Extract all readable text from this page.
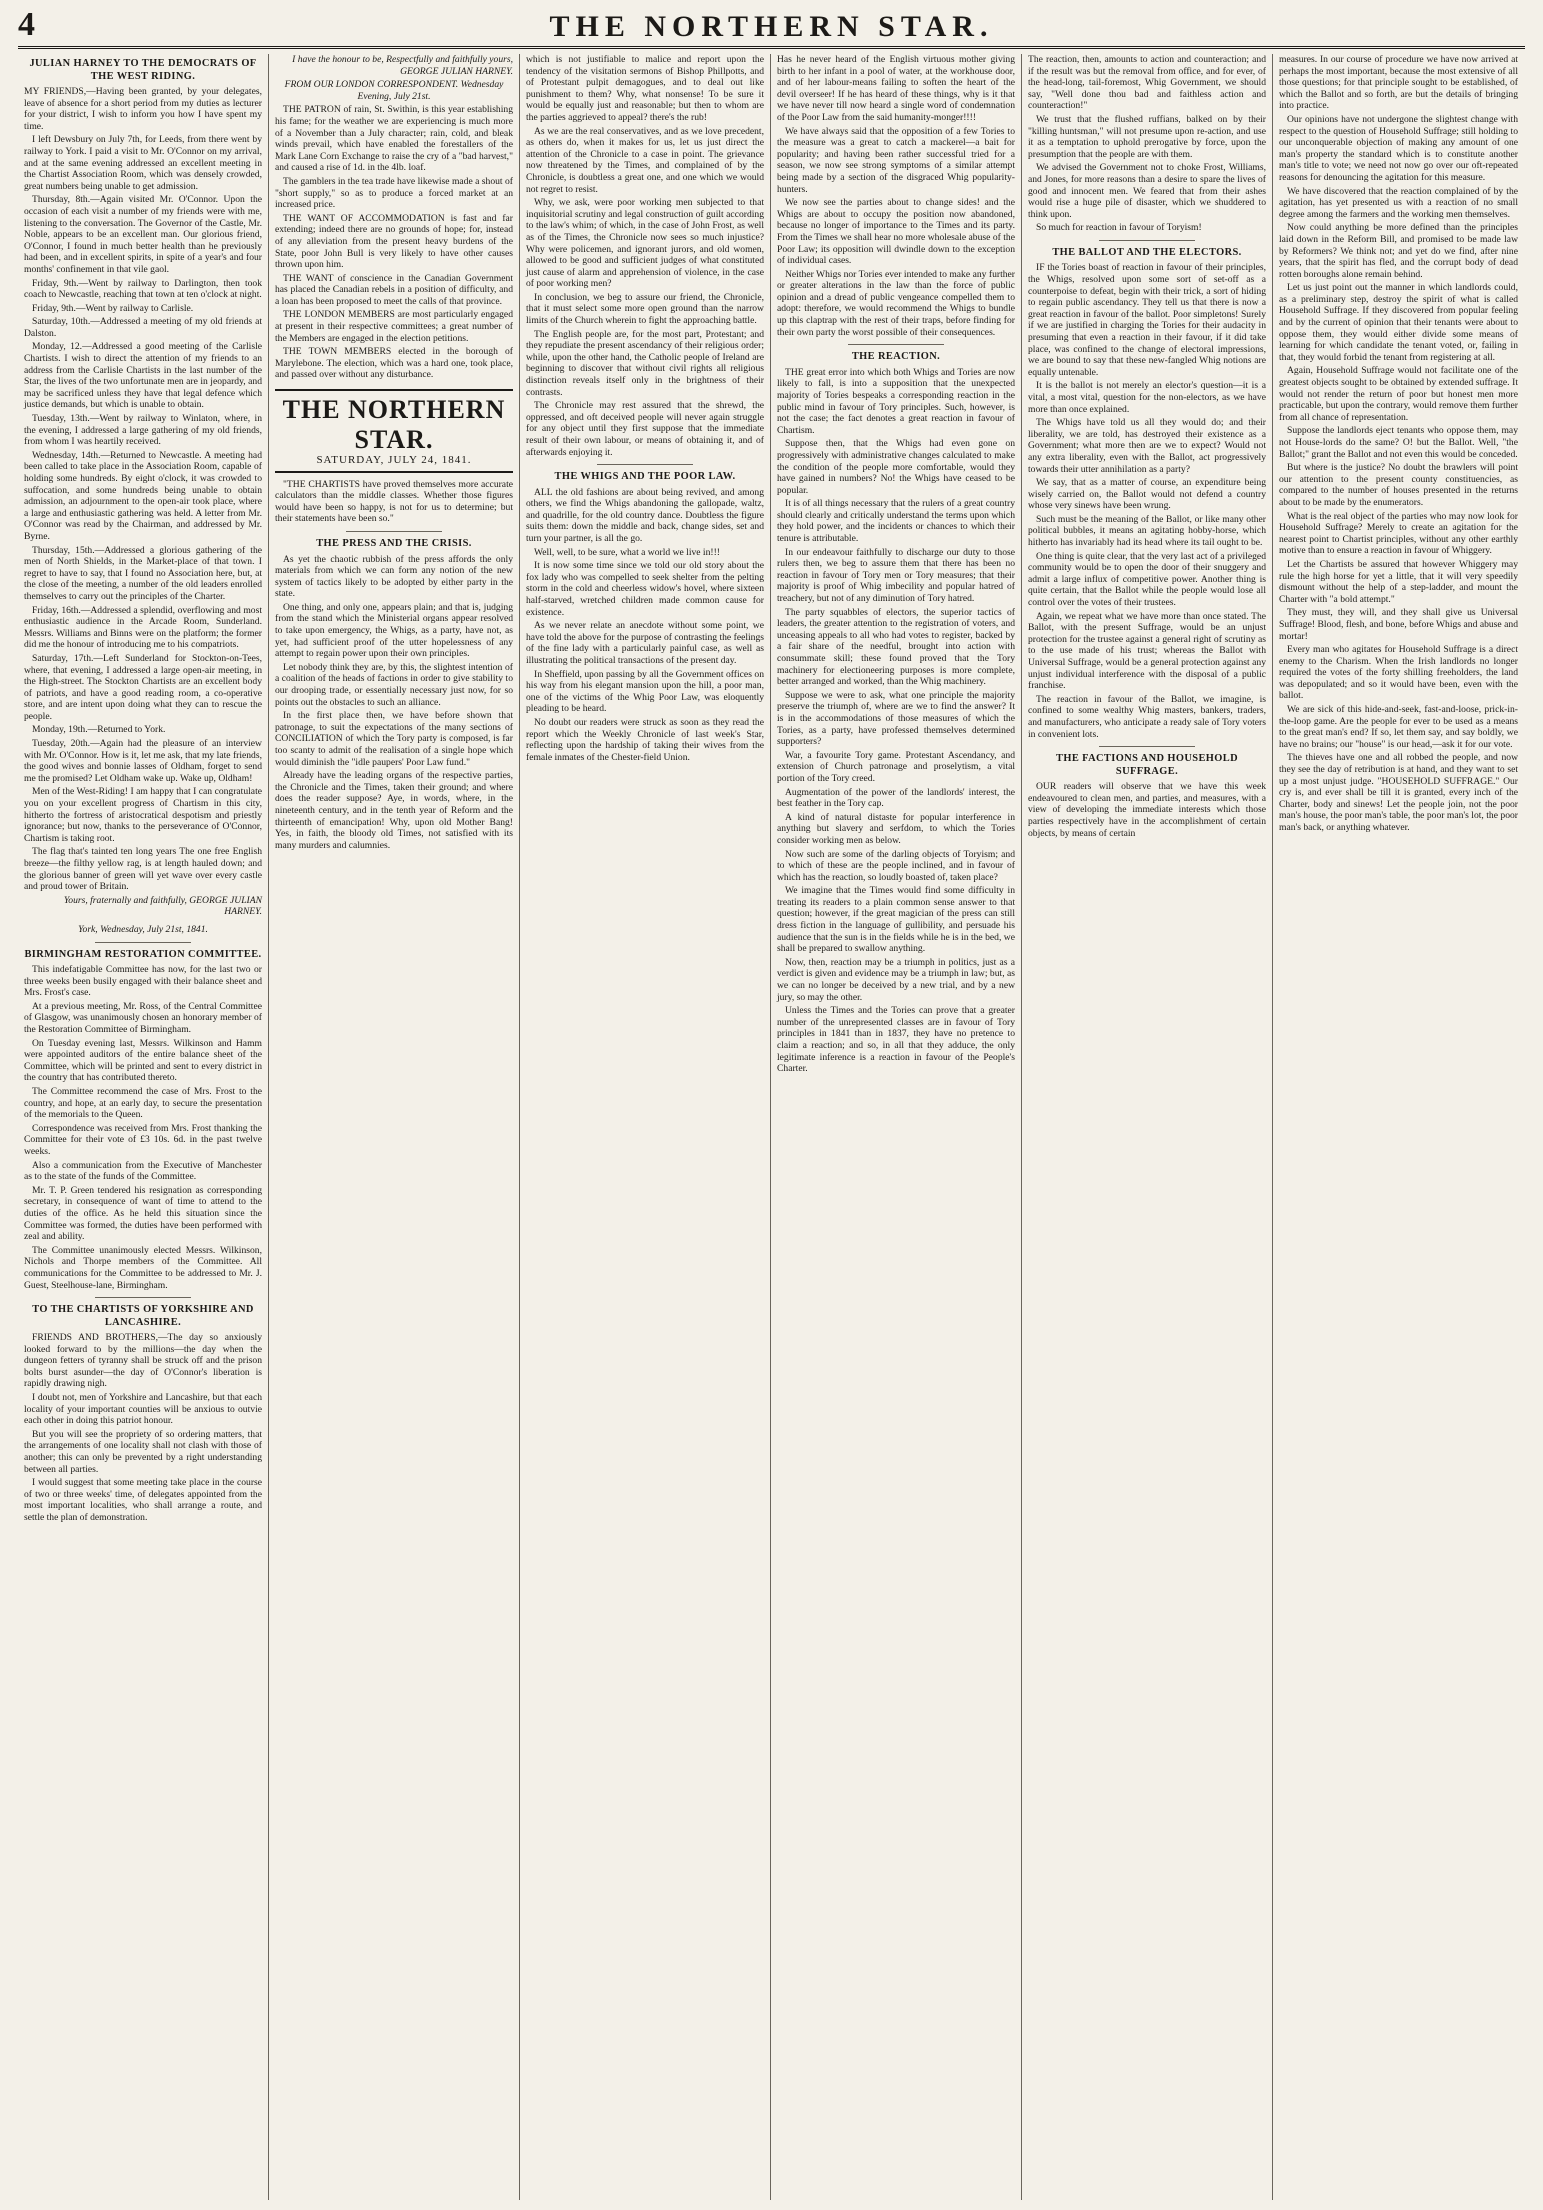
4	THE NORTHERN STAR.
JULIAN HARNEY TO THE DEMOCRATS OF THE WEST RIDING.

MY FRIENDS,—Having been granted, by your delegates, leave of absence for a short period from my duties as lecturer for your district, I wish to inform you how I have spent my time.

I left Dewsbury on July 7th, for Leeds, from there went by railway to York. I paid a visit to Mr. O'Connor on my arrival, and at the same evening addressed an excellent meeting in the Chartist Association Room, which was densely crowded, great numbers being unable to get admission.

Thursday, 8th.—Again visited Mr. O'Connor. Upon the occasion of each visit a number of my friends were with me, listening to the conversation. The Governor of the Castle, Mr. Noble, appears to be an excellent man. Our glorious friend, O'Connor, I found in much better health than he previously had been, and in excellent spirits, in spite of a year's and four months' confinement in that vile gaol.

Friday, 9th.—Went by railway to Darlington, then took coach to Newcastle, reaching that town at ten o'clock at night.

Friday, 9th.—Went by railway to Carlisle.

Saturday, 10th.—Addressed a meeting of my old friends at Dalston.

Monday, 12.—Addressed a good meeting of the Carlisle Chartists. I wish to direct the attention of my friends to an address from the Carlisle Chartists in the last number of the Star, the lives of the two unfortunate men are in jeopardy, and may be sacrificed unless they have that legal defence which justice demands, but which is unable to obtain.

Tuesday, 13th.—Went by railway to Winlaton, where, in the evening, I addressed a large gathering of my old friends, from whom I was heartily received.

Wednesday, 14th.—Returned to Newcastle. A meeting had been called to take place in the Association Room, capable of holding some hundreds. By eight o'clock, it was crowded to suffocation, and some hundreds being unable to obtain admission, an adjournment to the open-air took place, where a large and enthusiastic gathering was held. A letter from Mr. O'Connor was read by the Chairman, and addressed by Mr. Byrne.

Thursday, 15th.—Addressed a glorious gathering of the men of North Shields, in the Market-place of that town. I regret to have to say, that I found no Association here, but, at the close of the meeting, a number of the old leaders enrolled themselves to carry out the principles of the Charter.

Friday, 16th.—Addressed a splendid, overflowing and most enthusiastic audience in the Arcade Room, Sunderland. Messrs. Williams and Binns were on the platform; the former did me the honour of introducing me to his compatriots.

Saturday, 17th.—Left Sunderland for Stockton-on-Tees, where, that evening, I addressed a large open-air meeting, in the High-street. The Stockton Chartists are an excellent body of patriots, and have a good reading room, a co-operative store, and are intent upon doing what they can to rescue the people.

Monday, 19th.—Returned to York.

Tuesday, 20th.—Again had the pleasure of an interview with Mr. O'Connor. How is it, let me ask, that my late friends, the good wives and bonnie lasses of Oldham, forget to send me the promised? Let Oldham wake up. Wake up, Oldham!

Men of the West-Riding! I am happy that I can congratulate you on your excellent progress of Chartism in this city, hitherto the fortress of aristocratical despotism and priestly ignorance; but now, thanks to the perseverance of O'Connor, Chartism is taking root.

The flag that's tainted ten long years The one free English breeze—the filthy yellow rag, is at length hauled down; and the glorious banner of green will yet wave over every castle and proud tower of Britain.

Yours, fraternally and faithfully, GEORGE JULIAN HARNEY.
York, Wednesday, July 21st, 1841.
BIRMINGHAM RESTORATION COMMITTEE.

This indefatigable Committee has now, for the last two or three weeks been busily engaged with their balance sheet and Mrs. Frost's case.

At a previous meeting, Mr. Ross, of the Central Committee of Glasgow, was unanimously chosen an honorary member of the Restoration Committee of Birmingham.

On Tuesday evening last, Messrs. Wilkinson and Hamm were appointed auditors of the entire balance sheet of the Committee, which will be printed and sent to every district in the country that has contributed thereto.

The Committee recommend the case of Mrs. Frost to the country, and hope, at an early day, to secure the presentation of the memorials to the Queen.

Correspondence was received from Mrs. Frost thanking the Committee for their vote of £3 10s. 6d. in the past twelve weeks.

Also a communication from the Executive of Manchester as to the state of the funds of the Committee.

Mr. T. P. Green tendered his resignation as corresponding secretary, in consequence of want of time to attend to the duties of the office. As he held this situation since the Committee was formed, the duties have been performed with zeal and ability.

The Committee unanimously elected Messrs. Wilkinson, Nichols and Thorpe members of the Committee. All communications for the Committee to be addressed to Mr. J. Guest, Steelhouse-lane, Birmingham.

TO THE CHARTISTS OF YORKSHIRE AND LANCASHIRE.

FRIENDS AND BROTHERS,—The day so anxiously looked forward to by the millions—the day when the dungeon fetters of tyranny shall be struck off and the prison bolts burst asunder—the day of O'Connor's liberation is rapidly drawing nigh.

I doubt not, men of Yorkshire and Lancashire, but that each locality of your important counties will be anxious to outvie each other in doing this patriot honour.

But you will see the propriety of so ordering matters, that the arrangements of one locality shall not clash with those of another; this can only be prevented by a right understanding between all parties.

I would suggest that some meeting take place in the course of two or three weeks' time, of delegates appointed from the most important localities, who shall arrange a route, and settle the plan of demonstration.

I have the honour to be, Respectfully and faithfully yours, GEORGE JULIAN HARNEY.

FROM OUR LONDON CORRESPONDENT. Wednesday Evening, July 21st.

THE PATRON of rain, St. Swithin, is this year establishing his fame; for the weather we are experiencing is much more of a November than a July character; rain, cold, and bleak winds prevail, which have enabled the forestallers of the Mark Lane Corn Exchange to raise the cry of a "bad harvest," and caused a rise of 1d. in the 4lb. loaf.

The gamblers in the tea trade have likewise made a shout of "short supply," so as to produce a forced market at an increased price.

THE WANT OF ACCOMMODATION is fast and far extending; indeed there are no grounds of hope; for, instead of any alleviation from the present heavy burdens of the State, poor John Bull is very likely to have other causes thrown upon him.

THE WANT of conscience in the Canadian Government has placed the Canadian rebels in a position of difficulty, and a loan has been proposed to meet the calls of that province.

THE LONDON MEMBERS are most particularly engaged at present in their respective committees; a great number of the Members are engaged in the election petitions.

THE TOWN MEMBERS elected in the borough of Marylebone. The election, which was a hard one, took place, and passed over without any disturbance.

THE NORTHERN STAR.
SATURDAY, JULY 24, 1841.

"THE CHARTISTS have proved themselves more accurate calculators than the middle classes. Whether those figures would have been so happy, is not for us to determine; but their statements have been so."

THE PRESS AND THE CRISIS.

As yet the chaotic rubbish of the press affords the only materials from which we can form any notion of the new system of tactics likely to be adopted by either party in the state.

One thing, and only one, appears plain; and that is, judging from the stand which the Ministerial organs appear resolved to take upon emergency, the Whigs, as a party, have not, as yet, had sufficient proof of the utter hopelessness of any attempt to regain power upon their own principles.

Let nobody think they are, by this, the slightest intention of a coalition of the heads of factions in order to give stability to our drooping trade, or essentially necessary just now, for so points out the obstacles to such an alliance.

In the first place then, we have before shown that patronage, to suit the expectations of the many sections of CONCILIATION of which the Tory party is composed, is far too scanty to admit of the realisation of a single hope which would diminish the "idle paupers' Poor Law fund."

Already have the leading organs of the respective parties, the Chronicle and the Times, taken their ground; and where does the reader suppose? Aye, in words, where, in the nineteenth century, and in the tenth year of Reform and the thirteenth of emancipation! Why, upon old Mother Bang! Yes, in faith, the bloody old Times, not satisfied with its many murders and calumnies.

which is not justifiable to malice and report upon the tendency of the visitation sermons of Bishop Phillpotts, and of Protestant pulpit demagogues, and to deal out like punishment to them? Why, what nonsense! To be sure it would be equally just and reasonable; but then to whom are the parties aggrieved to appeal? there's the rub!

As we are the real conservatives, and as we love precedent, as others do, when it makes for us, let us just direct the attention of the Chronicle to a case in point. The grievance now threatened by the Times, and complained of by the Chronicle, is doubtless a great one, and one which we would not regret to resist.

Why, we ask, were poor working men subjected to that inquisitorial scrutiny and legal construction of guilt according to the law's whim; of which, in the case of John Frost, as well as of the Times, the Chronicle now sees so much injustice? Why were policemen, and ignorant jurors, and old women, allowed to be good and sufficient judges of what constituted just cause of alarm and apprehension of violence, in the case of poor working men?

In conclusion, we beg to assure our friend, the Chronicle, that it must select some more open ground than the narrow limits of the Church wherein to fight the approaching battle.

The English people are, for the most part, Protestant; and they repudiate the present ascendancy of their religious order; while, upon the other hand, the Catholic people of Ireland are beginning to discover that without civil rights all religious distinction reveals itself only in the brightness of their contrasts.

The Chronicle may rest assured that the shrewd, the oppressed, and oft deceived people will never again struggle for any object until they first suppose that the immediate result of their own labour, or means of obtaining it, and of afterwards enjoying it.

THE WHIGS AND THE POOR LAW.

ALL the old fashions are about being revived, and among others, we find the Whigs abandoning the gallopade, waltz, and quadrille, for the old country dance. Doubtless the figure suits them: down the middle and back, change sides, set and turn your partner, is all the go.

Well, well, to be sure, what a world we live in!!!

It is now some time since we told our old story about the fox lady who was compelled to seek shelter from the pelting storm in the cold and cheerless widow's hovel, where sixteen half-starved, wretched children made common cause for existence.

As we never relate an anecdote without some point, we have told the above for the purpose of contrasting the feelings of the fine lady with a particularly painful case, as well as illustrating the political transactions of the present day.

In Sheffield, upon passing by all the Government offices on his way from his elegant mansion upon the hill, a poor man, one of the victims of the Whig Poor Law, was eloquently pleading to be heard.

No doubt our readers were struck as soon as they read the report which the Weekly Chronicle of last week's Star, reflecting upon the hardship of taking their wives from the female inmates of the Chester-field Union.

Has he never heard of the English virtuous mother giving birth to her infant in a pool of water, at the workhouse door, and of her labour-means failing to soften the heart of the devil overseer! If he has heard of these things, why is it that we have never till now heard a single word of condemnation of the Poor Law from the said humanity-monger!!!!

We have always said that the opposition of a few Tories to the measure was a great to catch a mackerel—a bait for popularity; and having been rather successful tried for a season, we now see strong symptoms of a similar attempt being made by a section of the disgraced Whig popularity-hunters.

We now see the parties about to change sides! and the Whigs are about to occupy the position now abandoned, because no longer of importance to the Times and its party. From the Times we shall hear no more wholesale abuse of the Poor Law; its opposition will dwindle down to the exception of individual cases.

Neither Whigs nor Tories ever intended to make any further or greater alterations in the law than the force of public opinion and a dread of public vengeance compelled them to adopt: therefore, we would recommend the Whigs to bundle up this claptrap with the rest of their traps, before finding for their own party the worst possible of their consequences.

THE REACTION.

THE great error into which both Whigs and Tories are now likely to fall, is into a supposition that the unexpected majority of Tories bespeaks a corresponding reaction in the public mind in favour of Tory principles. Such, however, is not the case; the fact denotes a great reaction in favour of Chartism.

Suppose then, that the Whigs had even gone on progressively with administrative changes calculated to make the condition of the people more comfortable, would they have gained in numbers? No! the Whigs have ceased to be popular.

It is of all things necessary that the rulers of a great country should clearly and critically understand the terms upon which they hold power, and the incidents or chances to which their tenure is attributable.

In our endeavour faithfully to discharge our duty to those rulers then, we beg to assure them that there has been no reaction in favour of Tory men or Tory measures; that their majority is proof of Whig imbecility and popular hatred of treachery, but not of any diminution of Tory hatred.

The party squabbles of electors, the superior tactics of leaders, the greater attention to the registration of voters, and unceasing appeals to all who had votes to register, backed by a fair share of the needful, brought into action with consummate skill; these found proved that the Tory machinery for electioneering purposes is more complete, better arranged and worked, than the Whig machinery.

Suppose we were to ask, what one principle the majority preserve the triumph of, where are we to find the answer? It is in the accommodations of those measures of which the Tories, as a party, have professed themselves determined supporters?

War, a favourite Tory game. Protestant Ascendancy, and extension of Church patronage and proselytism, a vital portion of the Tory creed.

Augmentation of the power of the landlords' interest, the best feather in the Tory cap.

A kind of natural distaste for popular interference in anything but slavery and serfdom, to which the Tories consider working men as below.

Now such are some of the darling objects of Toryism; and to which of these are the people inclined, and in favour of which has the reaction, so loudly boasted of, taken place?

We imagine that the Times would find some difficulty in treating its readers to a plain common sense answer to that question; however, if the great magician of the press can still dress fiction in the language of gullibility, and persuade his audience that the sun is in the fields while he is in the bed, we shall be prepared to swallow anything.

Now, then, reaction may be a triumph in politics, just as a verdict is given and evidence may be a triumph in law; but, as we can no longer be deceived by a new trial, and by a new jury, so may the other.

Unless the Times and the Tories can prove that a greater number of the unrepresented classes are in favour of Tory principles in 1841 than in 1837, they have no pretence to claim a reaction; and so, in all that they adduce, the only legitimate inference is a reaction in favour of the People's Charter.

The reaction, then, amounts to action and counteraction; and if the result was but the removal from office, and for ever, of the head-long, tail-foremost, Whig Government, we should say, "Well done thou bad and faithless action and counteraction!"

We trust that the flushed ruffians, balked on by their "killing huntsman," will not presume upon re-action, and use it as a temptation to uphold prerogative by force, upon the presumption that the people are with them.

We advised the Government not to choke Frost, Williams, and Jones, for more reasons than a desire to spare the lives of good and innocent men. We feared that from their ashes would rise a huge pile of disaster, which we shuddered to think upon.

So much for reaction in favour of Toryism!

THE BALLOT AND THE ELECTORS.

IF the Tories boast of reaction in favour of their principles, the Whigs, resolved upon some sort of set-off as a counterpoise to defeat, begin with their trick, a sort of hiding to regain public ascendancy. They tell us that there is now a great reaction in favour of the ballot. Poor simpletons! Surely if we are justified in charging the Tories for their audacity in presuming that even a reaction in their favour, if it did take place, was confined to the change of electoral impressions, we are bound to say that these new-fangled Whig notions are equally untenable.

It is the ballot is not merely an elector's question—it is a vital, a most vital, question for the non-electors, as we have more than once explained.

The Whigs have told us all they would do; and their liberality, we are told, has destroyed their existence as a Government; what more then are we to expect? Would not any extra liberality, even with the Ballot, act progressively towards their utter annihilation as a party?

We say, that as a matter of course, an expenditure being wisely carried on, the Ballot would not defend a country whose very sinews have been wrung.

Such must be the meaning of the Ballot, or like many other political bubbles, it means an agitating hobby-horse, which hitherto has invariably had its head where its tail ought to be.

One thing is quite clear, that the very last act of a privileged community would be to open the door of their snuggery and admit a large influx of competitive power. Another thing is quite certain, that the Ballot while the people would lose all control over the votes of their trustees.

Again, we repeat what we have more than once stated. The Ballot, with the present Suffrage, would be an unjust protection for the trustee against a general right of scrutiny as to the use made of his trust; whereas the Ballot with Universal Suffrage, would be a general protection against any unjust individual interference with the disposal of a public franchise.

The reaction in favour of the Ballot, we imagine, is confined to some wealthy Whig masters, bankers, traders, and manufacturers, who anticipate a ready sale of Tory voters in convenient lots.

THE FACTIONS AND HOUSEHOLD SUFFRAGE.

OUR readers will observe that we have this week endeavoured to clean men, and parties, and measures, with a view of developing the immediate interests which those parties respectively have in the accomplishment of certain objects, by means of certain

measures. In our course of procedure we have now arrived at perhaps the most important, because the most extensive of all those questions; for that principle sought to be established, of which the Ballot and so forth, are but the details of bringing into practice.

Our opinions have not undergone the slightest change with respect to the question of Household Suffrage; still holding to our unconquerable objection of making any amount of one man's property the standard which is to constitute another man's title to vote; we need not now go over our oft-repeated reasons for denouncing the agitation for this measure.

We have discovered that the reaction complained of by the agitation, has yet presented us with a reaction of no small degree among the farmers and the working men themselves.

Now could anything be more defined than the principles laid down in the Reform Bill, and promised to be made law by Reformers? We think not; and yet do we find, after nine years, that the spirit has fled, and the corrupt body of dead rotten boroughs alone remain behind.

Let us just point out the manner in which landlords could, as a preliminary step, destroy the spirit of what is called Household Suffrage. If they discovered from popular feeling and by the current of opinion that their tenants were about to oppose them, they would either divide some means of learning for which candidate the tenant voted, or, failing in that, they would forbid the tenant from registering at all.

Again, Household Suffrage would not facilitate one of the greatest objects sought to be obtained by extended suffrage. It would not render the return of poor but honest men more practicable, but upon the contrary, would remove them further from all chance of representation.

Suppose the landlords eject tenants who oppose them, may not House-lords do the same? O! but the Ballot. Well, "the Ballot;" grant the Ballot and not even this would be conceded.

But where is the justice? No doubt the brawlers will point our attention to the present county constituencies, as compared to the number of houses presented in the returns about to be made by the enumerators.

What is the real object of the parties who may now look for Household Suffrage? Merely to create an agitation for the nearest point to Chartist principles, without any other earthly motive than to ensure a reaction in favour of Whiggery.

Let the Chartists be assured that however Whiggery may rule the high horse for yet a little, that it will very speedily dismount without the help of a step-ladder, and mount the Charter with "a bold attempt."

They must, they will, and they shall give us Universal Suffrage! Blood, flesh, and bone, before Whigs and abuse and mortar!

Every man who agitates for Household Suffrage is a direct enemy to the Charism. When the Irish landlords no longer required the votes of the forty shilling freeholders, the land was depopulated; and so it would have been, even with the ballot.

We are sick of this hide-and-seek, fast-and-loose, prick-in-the-loop game. Are the people for ever to be used as a means to the great man's end? If so, let them say, and say boldly, we have no brains; our "house" is our head,—ask it for our vote.

The thieves have one and all robbed the people, and now they see the day of retribution is at hand, and they want to set up a most unjust judge. "HOUSEHOLD SUFFRAGE." Our cry is, and ever shall be till it is granted, every inch of the Charter, body and sinews! Let the people join, not the poor man's house, the poor man's table, the poor man's lot, the poor man's back, or anything whatever.
